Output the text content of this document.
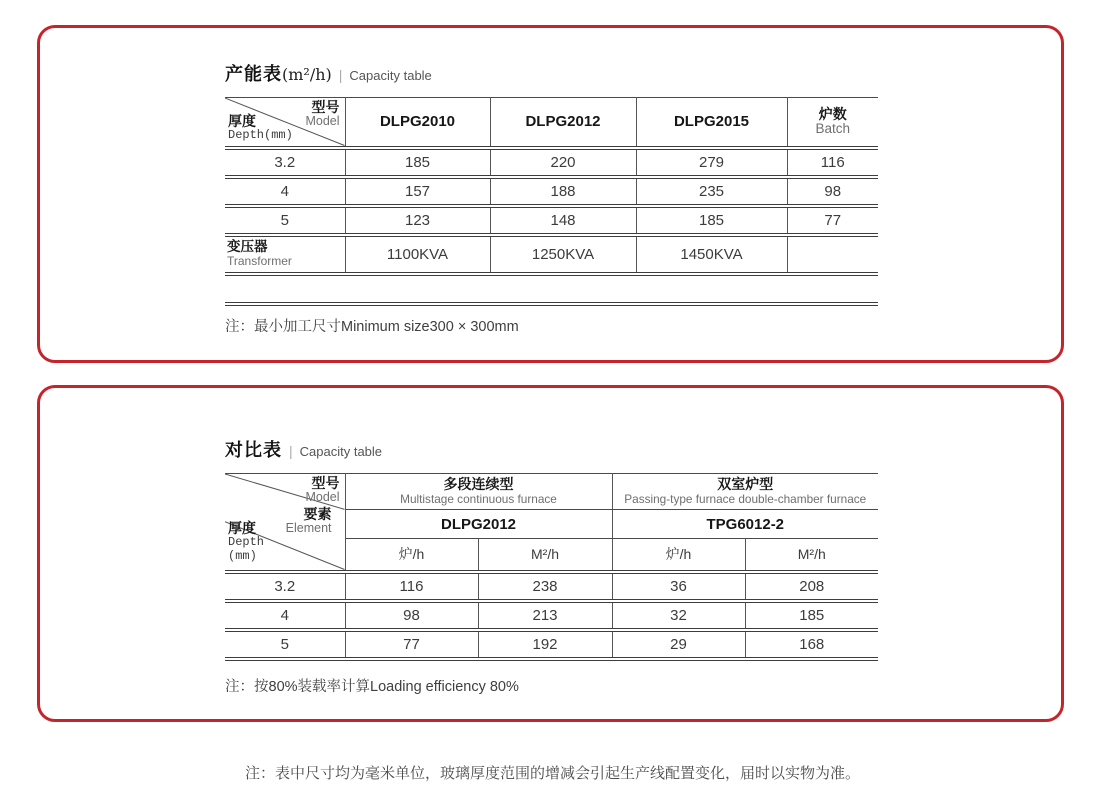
产能表(m²/h) | Capacity table
型号
Model
厚度
Depth(mm)
	DLPG2010	DLPG2012	DLPG2015	炉数
Batch

3.2	185	220	279	116
4	157	188	235	98
5	123	148	185	77

变压器
Transformer	1100KVA	1250KVA	1450KVA	
注：最小加工尺寸Minimum size300 × 300mm
对比表 | Capacity table
型号
Model
要素
Element
厚度
Depth
(mm)

多段连续型
Multistage continuous furnace

双室炉型
Passing-type furnace double-chamber furnace

	DLPG2012		TPG6012-2	
	炉/h	M²/h	炉/h	M²/h
3.2	116	238	36	208
4	98	213	32	185
5	77	192	29	168
注：按80%装载率计算Loading efficiency 80%
注：表中尺寸均为毫米单位，玻璃厚度范围的增减会引起生产线配置变化，届时以实物为准。
